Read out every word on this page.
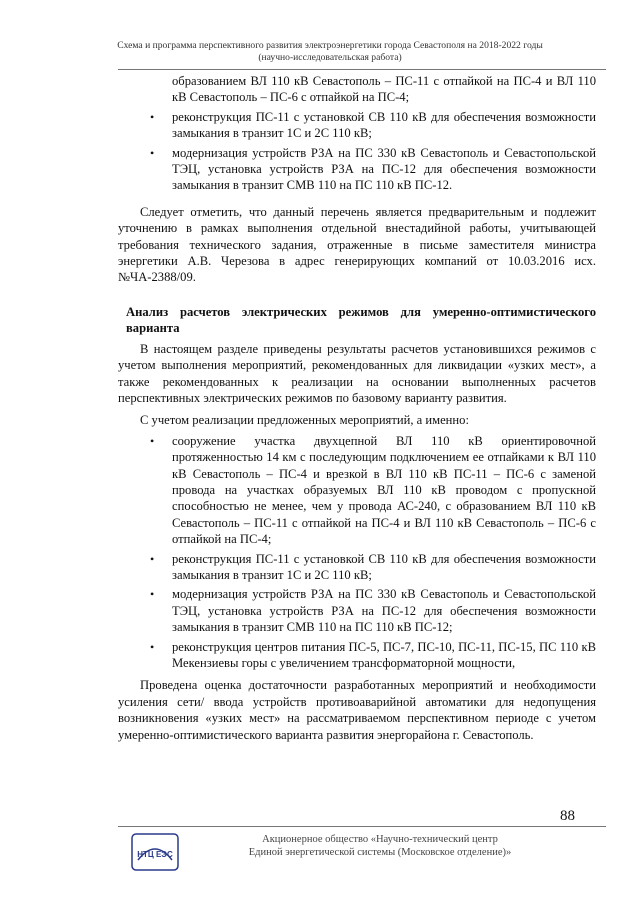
Схема и программа перспективного развития электроэнергетики города Севастополя на 2018-2022 годы
(научно-исследовательская работа)
образованием ВЛ 110 кВ Севастополь – ПС-11 с отпайкой на ПС-4 и ВЛ 110 кВ Севастополь – ПС-6 с отпайкой на ПС-4;
• реконструкция ПС-11 с установкой СВ 110 кВ для обеспечения возможности замыкания в транзит 1С и 2С 110 кВ;
• модернизация устройств РЗА на ПС 330 кВ Севастополь и Севастопольской ТЭЦ, установка устройств РЗА на ПС-12 для обеспечения возможности замыкания в транзит СМВ 110 на ПС 110 кВ ПС-12.

Следует отметить, что данный перечень является предварительным и подлежит уточнению в рамках выполнения отдельной внестадийной работы, учитывающей требования технического задания, отраженные в письме заместителя министра энергетики А.В. Черезова в адрес генерирующих компаний от 10.03.2016 исх. №ЧА-2388/09.

Анализ расчетов электрических режимов для умеренно-оптимистического варианта

В настоящем разделе приведены результаты расчетов установившихся режимов с учетом выполнения мероприятий, рекомендованных для ликвидации «узких мест», а также рекомендованных к реализации на основании выполненных расчетов перспективных электрических режимов по базовому варианту развития.

С учетом реализации предложенных мероприятий, а именно:

• сооружение участка двухцепной ВЛ 110 кВ ориентировочной протяженностью 14 км с последующим подключением ее отпайками к ВЛ 110 кВ Севастополь – ПС-4 и врезкой в ВЛ 110 кВ ПС-11 – ПС-6 с заменой провода на участках образуемых ВЛ 110 кВ проводом с пропускной способностью не менее, чем у провода АС-240, с образованием ВЛ 110 кВ Севастополь – ПС-11 с отпайкой на ПС-4 и ВЛ 110 кВ Севастополь – ПС-6 с отпайкой на ПС-4;
• реконструкция ПС-11 с установкой СВ 110 кВ для обеспечения возможности замыкания в транзит 1С и 2С 110 кВ;
• модернизация устройств РЗА на ПС 330 кВ Севастополь и Севастопольской ТЭЦ, установка устройств РЗА на ПС-12 для обеспечения возможности замыкания в транзит СМВ 110 на ПС 110 кВ ПС-12;
• реконструкция центров питания ПС-5, ПС-7, ПС-10, ПС-11, ПС-15, ПС 110 кВ Мекензиевы горы с увеличением трансформаторной мощности,

Проведена оценка достаточности разработанных мероприятий и необходимости усиления сети/ ввода устройств противоаварийной автоматики для недопущения возникновения «узких мест» на рассматриваемом перспективном периоде с учетом умеренно-оптимистического варианта развития энергорайона г. Севастополь.

88
НТЦ ЕЭС
Акционерное общество «Научно-технический центр
Единой энергетической системы (Московское отделение)»
